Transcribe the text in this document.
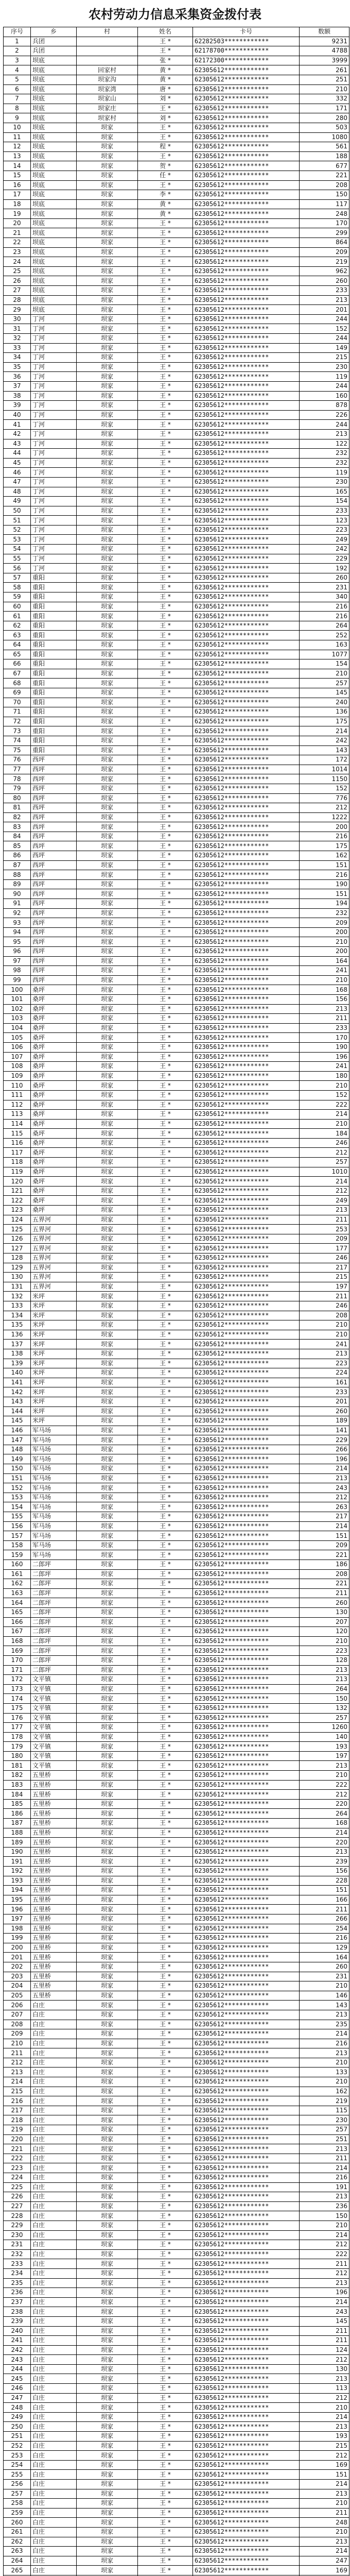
农村劳动力信息采集资金拨付表
序号	乡	村	姓名	卡号	数额
1	兵团		王 *	62282503************	9231
2	兵团		王 *	62178700************	4788
3	坝底		张 *	62172300************	3999
4	坝底	回家村	黄 *	62305612************	261
5	坝底	坝家沟	黄 *	62305612************	251
6	坝底	坝家湾	唐 *	62305612************	210
7	坝底	坝家山	刘 *	62305612************	332
8	坝底	坝家庄	王 *	62305612************	171
9	坝底	坝家村	刘 *	62305612************	280
10	坝底	坝家	王 *	62305612************	503
11	坝底	坝家	王 *	62305612************	1080
12	坝底	坝家	程 *	62305612************	561
13	坝底	坝家	王 *	62305612************	188
14	坝底	坝家	贺 *	62305612************	677
15	坝底	坝家	任 *	62305612************	221
16	坝底	坝家	王 *	62305612************	208
17	坝底	坝家	李 *	62305612************	150
18	坝底	坝家	黄 *	62305612************	117
19	坝底	坝家	黄 *	62305612************	248
20	坝底	坝家	王 *	62305612************	170
21	坝底	坝家	王 *	62305612************	299
22	坝底	坝家	王 *	62305612************	864
23	坝底	坝家	王 *	62305612************	209
24	坝底	坝家	王 *	62305612************	219
25	坝底	坝家	王 *	62305612************	962
26	坝底	坝家	王 *	62305612************	260
27	坝底	坝家	王 *	62305612************	233
28	坝底	坝家	王 *	62305612************	213
29	坝底	坝家	王 *	62305612************	201
30	丁河	坝家	王 *	62305612************	244
31	丁河	坝家	王 *	62305612************	152
32	丁河	坝家	王 *	62305612************	244
33	丁河	坝家	王 *	62305612************	149
34	丁河	坝家	王 *	62305612************	215
35	丁河	坝家	王 *	62305612************	230
36	丁河	坝家	王 *	62305612************	119
37	丁河	坝家	王 *	62305612************	244
38	丁河	坝家	王 *	62305612************	160
39	丁河	坝家	王 *	62305612************	878
40	丁河	坝家	王 *	62305612************	226
41	丁河	坝家	王 *	62305612************	244
42	丁河	坝家	王 *	62305612************	213
43	丁河	坝家	王 *	62305612************	122
44	丁河	坝家	王 *	62305612************	232
45	丁河	坝家	王 *	62305612************	232
46	丁河	坝家	王 *	62305612************	119
47	丁河	坝家	王 *	62305612************	230
48	丁河	坝家	王 *	62305612************	165
49	丁河	坝家	王 *	62305612************	154
50	丁河	坝家	王 *	62305612************	233
51	丁河	坝家	王 *	62305612************	123
52	丁河	坝家	王 *	62305612************	223
53	丁河	坝家	王 *	62305612************	249
54	丁河	坝家	王 *	62305612************	242
55	丁河	坝家	王 *	62305612************	229
56	丁河	坝家	王 *	62305612************	192
57	重阳	坝家	王 *	62305612************	260
58	重阳	坝家	王 *	62305612************	231
59	重阳	坝家	王 *	62305612************	340
60	重阳	坝家	王 *	62305612************	216
61	重阳	坝家	王 *	62305612************	216
62	重阳	坝家	王 *	62305612************	264
63	重阳	坝家	王 *	62305612************	252
64	重阳	坝家	王 *	62305612************	163
65	重阳	坝家	王 *	62305612************	1077
66	重阳	坝家	王 *	62305612************	154
67	重阳	坝家	王 *	62305612************	210
68	重阳	坝家	王 *	62305612************	257
69	重阳	坝家	王 *	62305612************	145
70	重阳	坝家	王 *	62305612************	240
71	重阳	坝家	王 *	62305612************	136
72	重阳	坝家	王 *	62305612************	175
73	重阳	坝家	王 *	62305612************	214
74	重阳	坝家	王 *	62305612************	242
75	重阳	坝家	王 *	62305612************	143
76	西坪	坝家	王 *	62305612************	172
77	西坪	坝家	王 *	62305612************	1014
78	西坪	坝家	王 *	62305612************	1150
79	西坪	坝家	王 *	62305612************	152
80	西坪	坝家	王 *	62305612************	776
81	西坪	坝家	王 *	62305612************	212
82	西坪	坝家	王 *	62305612************	1222
83	西坪	坝家	王 *	62305612************	200
84	西坪	坝家	王 *	62305612************	216
85	西坪	坝家	王 *	62305612************	175
86	西坪	坝家	王 *	62305612************	162
87	西坪	坝家	王 *	62305612************	151
88	西坪	坝家	王 *	62305612************	216
89	西坪	坝家	王 *	62305612************	190
90	西坪	坝家	王 *	62305612************	151
91	西坪	坝家	王 *	62305612************	194
92	西坪	坝家	王 *	62305612************	232
93	西坪	坝家	王 *	62305612************	209
94	西坪	坝家	王 *	62305612************	200
95	西坪	坝家	王 *	62305612************	210
96	西坪	坝家	王 *	62305612************	200
97	西坪	坝家	王 *	62305612************	164
98	西坪	坝家	王 *	62305612************	241
99	西坪	坝家	王 *	62305612************	210
100	桑坪	坝家	王 *	62305612************	168
101	桑坪	坝家	王 *	62305612************	156
102	桑坪	坝家	王 *	62305612************	213
103	桑坪	坝家	王 *	62305612************	211
104	桑坪	坝家	王 *	62305612************	233
105	桑坪	坝家	王 *	62305612************	170
106	桑坪	坝家	王 *	62305612************	190
107	桑坪	坝家	王 *	62305612************	196
108	桑坪	坝家	王 *	62305612************	241
109	桑坪	坝家	王 *	62305612************	180
110	桑坪	坝家	王 *	62305612************	210
111	桑坪	坝家	王 *	62305612************	152
112	桑坪	坝家	王 *	62305612************	222
113	桑坪	坝家	王 *	62305612************	214
114	桑坪	坝家	王 *	62305612************	210
115	桑坪	坝家	王 *	62305612************	184
116	桑坪	坝家	王 *	62305612************	246
117	桑坪	坝家	王 *	62305612************	212
118	桑坪	坝家	王 *	62305612************	257
119	桑坪	坝家	王 *	62305612************	1010
120	桑坪	坝家	王 *	62305612************	214
121	桑坪	坝家	王 *	62305612************	212
122	桑坪	坝家	王 *	62305612************	249
123	桑坪	坝家	王 *	62305612************	213
124	五界河	坝家	王 *	62305612************	211
125	五界河	坝家	王 *	62305612************	253
126	五界河	坝家	王 *	62305612************	209
127	五界河	坝家	王 *	62305612************	177
128	五界河	坝家	王 *	62305612************	246
129	五界河	坝家	王 *	62305612************	217
130	五界河	坝家	王 *	62305612************	215
131	五界河	坝家	王 *	62305612************	197
132	米坪	坝家	王 *	62305612************	211
133	米坪	坝家	王 *	62305612************	246
134	米坪	坝家	王 *	62305612************	208
135	米坪	坝家	王 *	62305612************	210
136	米坪	坝家	王 *	62305612************	210
137	米坪	坝家	王 *	62305612************	241
138	米坪	坝家	王 *	62305612************	213
139	米坪	坝家	王 *	62305612************	223
140	米坪	坝家	王 *	62305612************	224
141	米坪	坝家	王 *	62305612************	161
142	米坪	坝家	王 *	62305612************	233
143	米坪	坝家	王 *	62305612************	201
144	米坪	坝家	王 *	62305612************	260
145	米坪	坝家	王 *	62305612************	189
146	军马场	坝家	王 *	62305612************	141
147	军马场	坝家	王 *	62305612************	229
148	军马场	坝家	王 *	62305612************	266
149	军马场	坝家	王 *	62305612************	196
150	军马场	坝家	王 *	62305612************	214
151	军马场	坝家	王 *	62305612************	213
152	军马场	坝家	王 *	62305612************	243
153	军马场	坝家	王 *	62305612************	212
154	军马场	坝家	王 *	62305612************	263
155	军马场	坝家	王 *	62305612************	217
156	军马场	坝家	王 *	62305612************	214
157	军马场	坝家	王 *	62305612************	151
158	军马场	坝家	王 *	62305612************	209
159	军马场	坝家	王 *	62305612************	221
160	二郎坪	坝家	王 *	62305612************	186
161	二郎坪	坝家	王 *	62305612************	208
162	二郎坪	坝家	王 *	62305612************	221
163	二郎坪	坝家	王 *	62305612************	211
164	二郎坪	坝家	王 *	62305612************	260
165	二郎坪	坝家	王 *	62305612************	130
166	二郎坪	坝家	王 *	62305612************	207
167	二郎坪	坝家	王 *	62305612************	120
168	二郎坪	坝家	王 *	62305612************	210
169	二郎坪	坝家	王 *	62305612************	223
170	二郎坪	坝家	王 *	62305612************	128
171	二郎坪	坝家	王 *	62305612************	213
172	文平镇	坝家	王 *	62305612************	213
173	文平镇	坝家	王 *	62305612************	264
174	文平镇	坝家	王 *	62305612************	150
175	文平镇	坝家	王 *	62305612************	132
176	文平镇	坝家	王 *	62305612************	257
177	文平镇	坝家	王 *	62305612************	1260
178	文平镇	坝家	王 *	62305612************	140
179	文平镇	坝家	王 *	62305612************	193
180	文平镇	坝家	王 *	62305612************	197
181	文平镇	坝家	王 *	62305612************	213
182	五里桥	坝家	王 *	62305612************	210
183	五里桥	坝家	王 *	62305612************	222
184	五里桥	坝家	王 *	62305612************	212
185	五里桥	坝家	王 *	62305612************	220
186	五里桥	坝家	王 *	62305612************	264
187	五里桥	坝家	王 *	62305612************	168
188	五里桥	坝家	王 *	62305612************	214
189	五里桥	坝家	王 *	62305612************	220
190	五里桥	坝家	王 *	62305612************	213
191	五里桥	坝家	王 *	62305612************	239
192	五里桥	坝家	王 *	62305612************	156
193	五里桥	坝家	王 *	62305612************	228
194	五里桥	坝家	王 *	62305612************	151
195	五里桥	坝家	王 *	62305612************	166
196	五里桥	坝家	王 *	62305612************	211
197	五里桥	坝家	王 *	62305612************	266
198	五里桥	坝家	王 *	62305612************	254
199	五里桥	坝家	王 *	62305612************	216
200	五里桥	坝家	王 *	62305612************	129
201	五里桥	坝家	王 *	62305612************	164
202	五里桥	坝家	王 *	62305612************	260
203	五里桥	坝家	王 *	62305612************	231
204	五里桥	坝家	王 *	62305612************	210
205	五里桥	坝家	王 *	62305612************	146
206	白庄	坝家	王 *	62305612************	143
207	白庄	坝家	王 *	62305612************	213
208	白庄	坝家	王 *	62305612************	235
209	白庄	坝家	王 *	62305612************	214
210	白庄	坝家	王 *	62305612************	216
211	白庄	坝家	王 *	62305612************	213
212	白庄	坝家	王 *	62305612************	210
213	白庄	坝家	王 *	62305612************	133
214	白庄	坝家	王 *	62305612************	210
215	白庄	坝家	王 *	62305612************	162
216	白庄	坝家	王 *	62305612************	219
217	白庄	坝家	王 *	62305612************	115
218	白庄	坝家	王 *	62305612************	230
219	白庄	坝家	王 *	62305612************	257
220	白庄	坝家	王 *	62305612************	251
221	白庄	坝家	王 *	62305612************	213
222	白庄	坝家	王 *	62305612************	211
223	白庄	坝家	王 *	62305612************	214
224	白庄	坝家	王 *	62305612************	216
225	白庄	坝家	王 *	62305612************	191
226	白庄	坝家	王 *	62305612************	213
227	白庄	坝家	王 *	62305612************	236
228	白庄	坝家	王 *	62305612************	150
229	白庄	坝家	王 *	62305612************	210
230	白庄	坝家	王 *	62305612************	214
231	白庄	坝家	王 *	62305612************	212
232	白庄	坝家	王 *	62305612************	222
233	白庄	坝家	王 *	62305612************	211
234	白庄	坝家	王 *	62305612************	212
235	白庄	坝家	王 *	62305612************	213
236	白庄	坝家	王 *	62305612************	196
237	白庄	坝家	王 *	62305612************	214
238	白庄	坝家	王 *	62305612************	243
239	白庄	坝家	王 *	62305612************	145
240	白庄	坝家	王 *	62305612************	211
241	白庄	坝家	王 *	62305612************	211
242	白庄	坝家	王 *	62305612************	124
243	白庄	坝家	王 *	62305612************	212
244	白庄	坝家	王 *	62305612************	130
245	白庄	坝家	王 *	62305612************	213
246	白庄	坝家	王 *	62305612************	113
247	白庄	坝家	王 *	62305612************	212
248	白庄	坝家	王 *	62305612************	210
249	白庄	坝家	王 *	62305612************	214
250	白庄	坝家	王 *	62305612************	213
251	白庄	坝家	王 *	62305612************	193
252	白庄	坝家	王 *	62305612************	215
253	白庄	坝家	王 *	62305612************	212
254	白庄	坝家	王 *	62305612************	169
255	白庄	坝家	王 *	62305612************	151
256	白庄	坝家	王 *	62305612************	214
257	白庄	坝家	王 *	62305612************	213
258	白庄	坝家	王 *	62305612************	210
259	白庄	坝家	王 *	62305612************	211
260	白庄	坝家	王 *	62305612************	248
261	白庄	坝家	王 *	62305612************	210
262	白庄	坝家	王 *	62305612************	213
263	白庄	坝家	王 *	62305612************	214
264	白庄	坝家	王 *	62305612************	247
265	白庄	坝家	王 *	62305612************	169
